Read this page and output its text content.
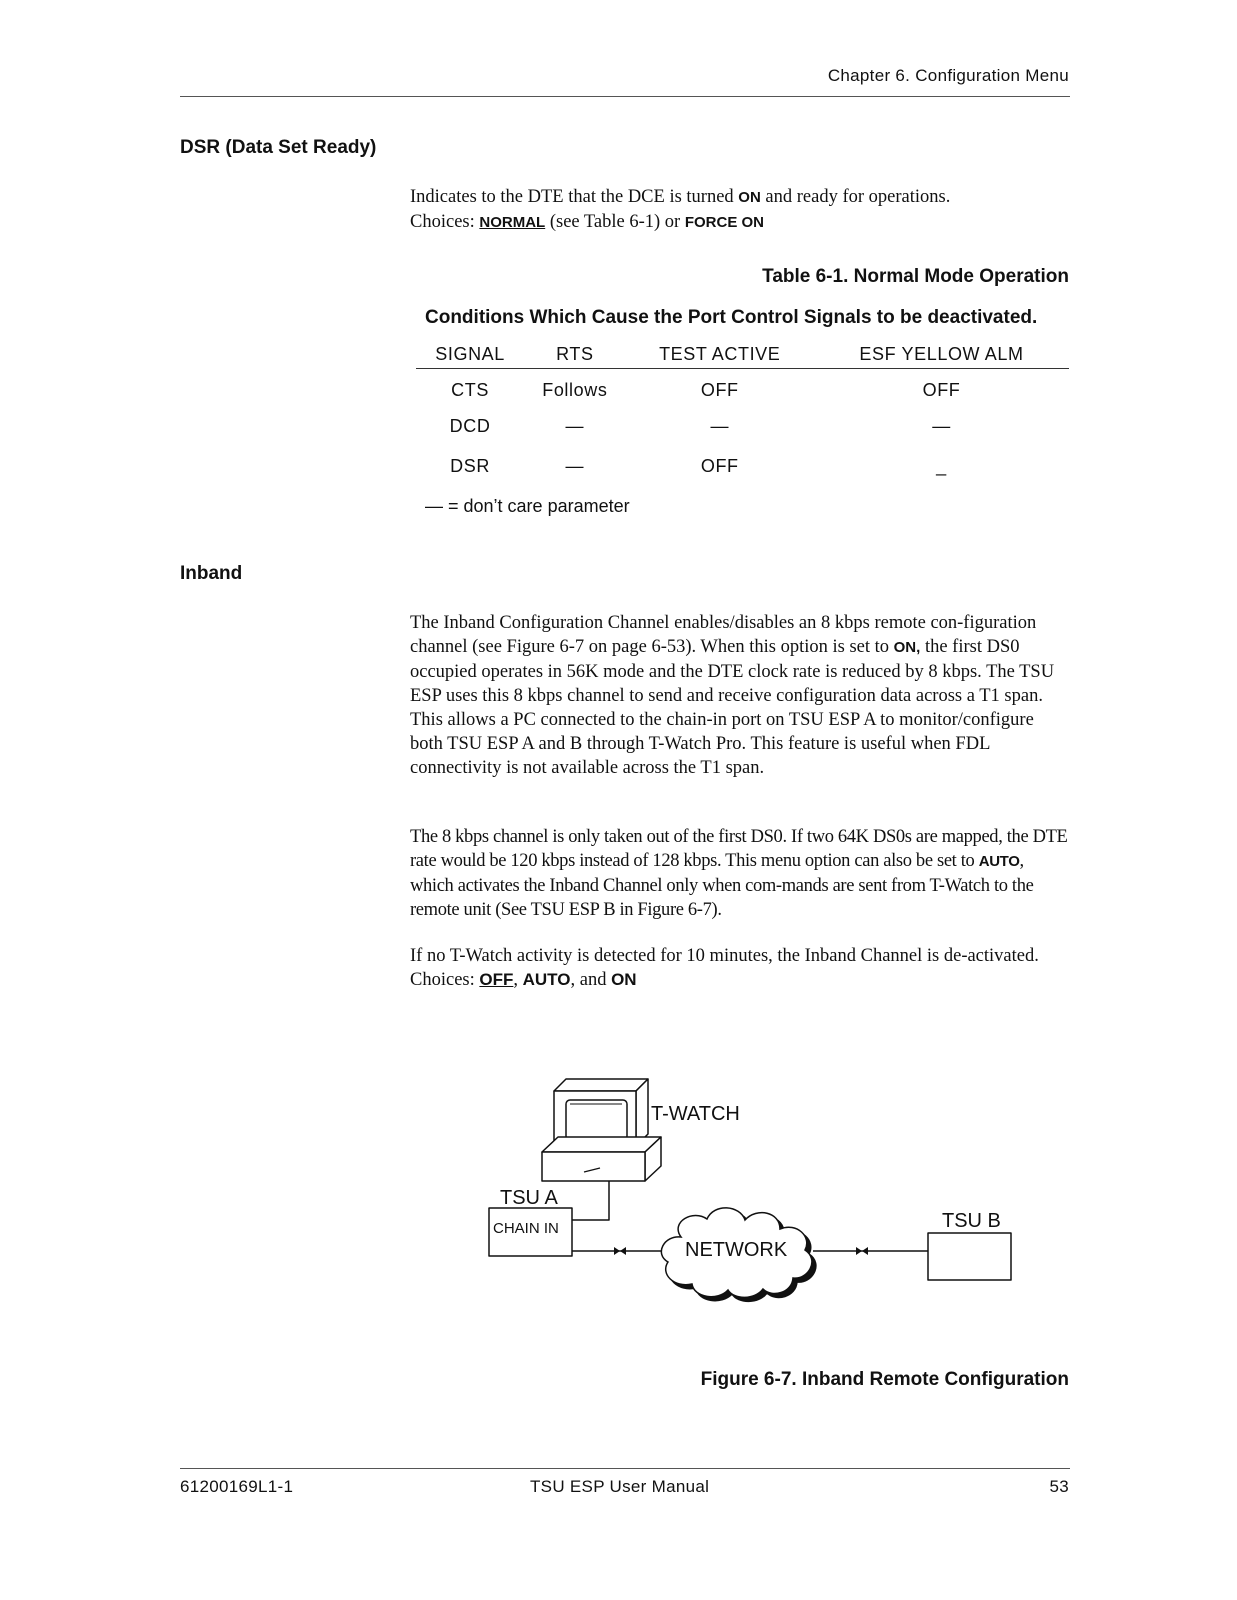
Chapter 6. Configuration Menu
DSR (Data Set Ready)

Indicates to the DTE that the DCE is turned ON and ready for operations.

Choices: NORMAL (see Table 6-1) or FORCE ON

Table 6-1. Normal Mode Operation
Conditions Which Cause the Port Control Signals to be deactivated.
SIGNAL	RTS	TEST ACTIVE	ESF YELLOW ALM
CTS	Follows	OFF	OFF
DCD	—	—	—
DSR	—	OFF	_
— = don’t care parameter
Inband

The Inband Configuration Channel enables/disables an 8 kbps remote con-figuration channel (see Figure 6-7 on page 6-53). When this option is set to ON, the first DS0 occupied operates in 56K mode and the DTE clock rate is reduced by 8 kbps. The TSU ESP uses this 8 kbps channel to send and receive configuration data across a T1 span. This allows a PC connected to the chain-in port on TSU ESP A to monitor/configure both TSU ESP A and B through T-Watch Pro. This feature is useful when FDL connectivity is not available across the T1 span.

The 8 kbps channel is only taken out of the first DS0. If two 64K DS0s are mapped, the DTE rate would be 120 kbps instead of 128 kbps. This menu option can also be set to AUTO, which activates the Inband Channel only when com-mands are sent from T-Watch to the remote unit (See TSU ESP B in Figure 6-7).

If no T-Watch activity is detected for 10 minutes, the Inband Channel is de-activated.

Choices: OFF, AUTO, and ON

T-WATCH
TSU A
CHAIN IN
NETWORK
TSU B
Figure 6-7. Inband Remote Configuration
61200169L1-1	TSU ESP User Manual	53
